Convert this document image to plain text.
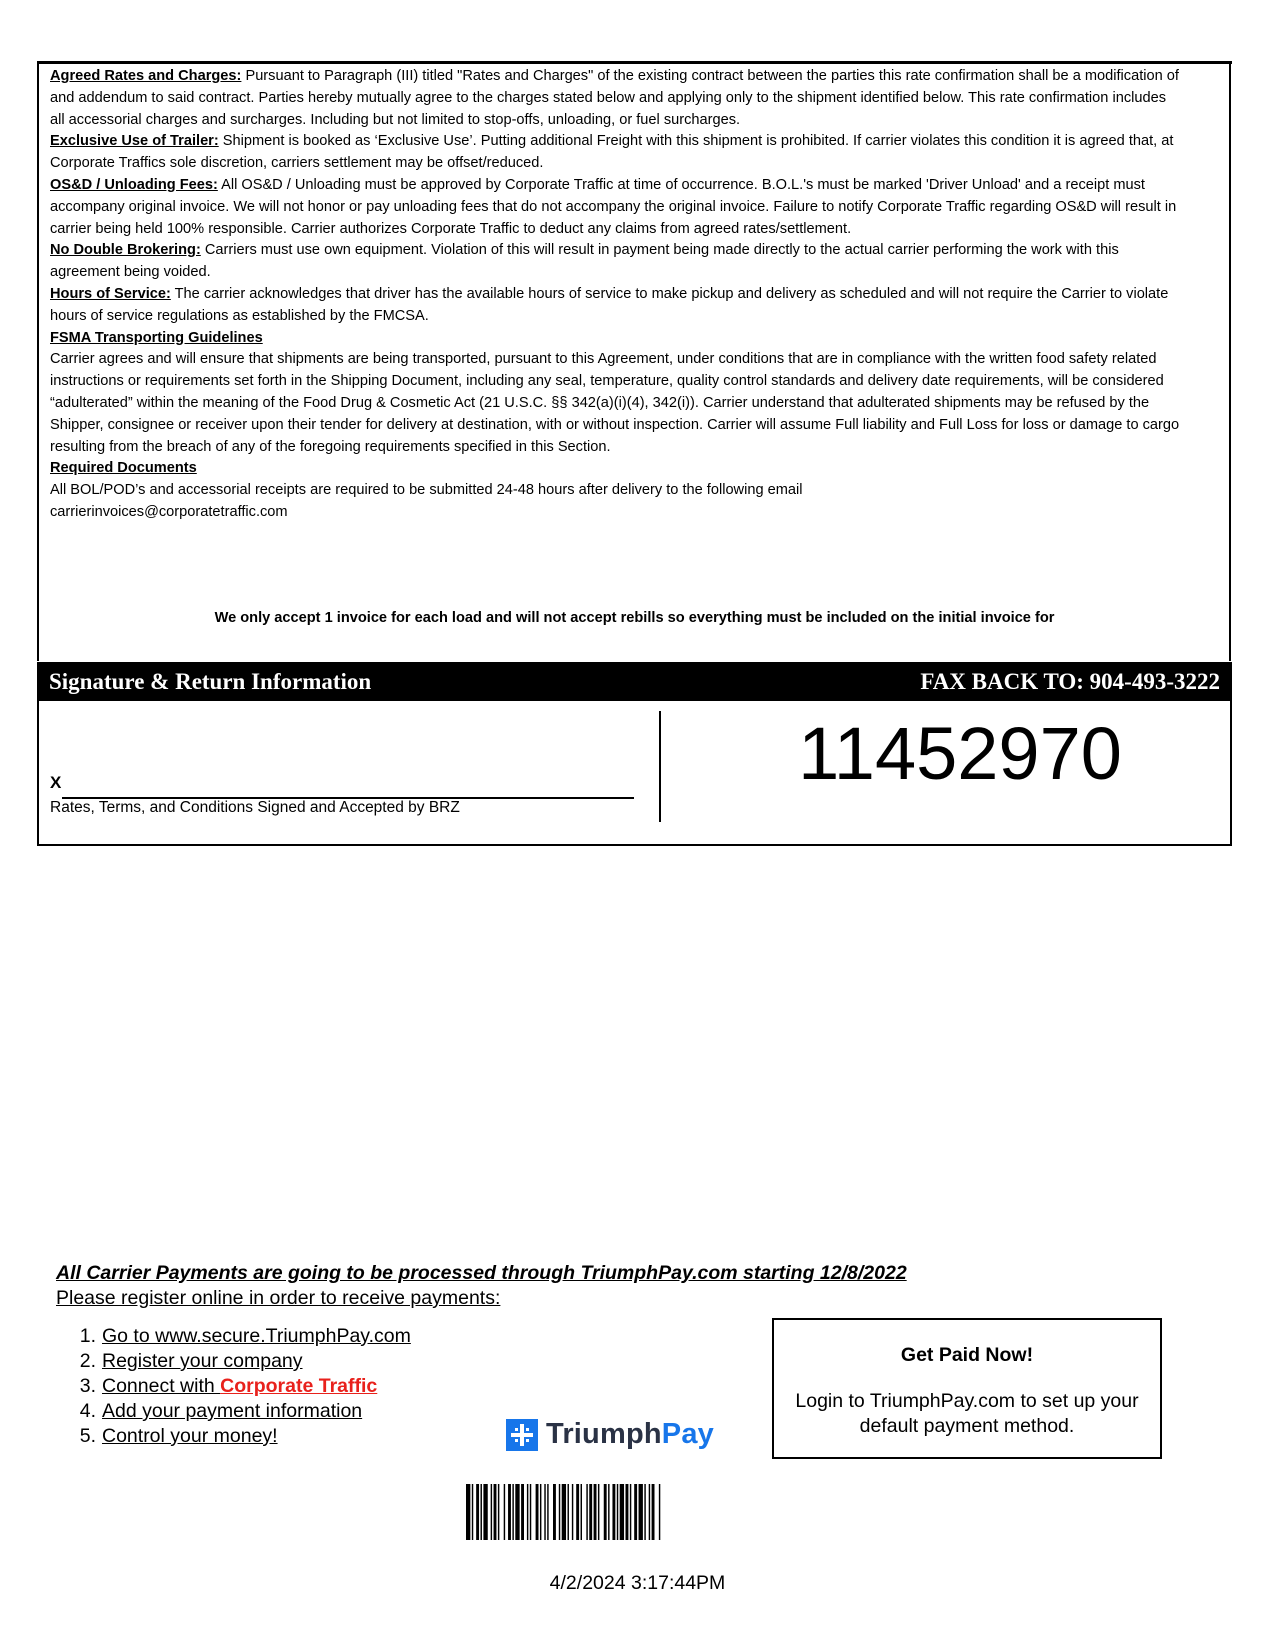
Agreed Rates and Charges: Pursuant to Paragraph (III) titled "Rates and Charges" of the existing contract between the parties this rate confirmation shall be a modification of and addendum to said contract. Parties hereby mutually agree to the charges stated below and applying only to the shipment identified below. This rate confirmation includes all accessorial charges and surcharges. Including but not limited to stop-offs, unloading, or fuel surcharges.

Exclusive Use of Trailer: Shipment is booked as ‘Exclusive Use’. Putting additional Freight with this shipment is prohibited. If carrier violates this condition it is agreed that, at Corporate Traffics sole discretion, carriers settlement may be offset/reduced.

OS&D / Unloading Fees: All OS&D / Unloading must be approved by Corporate Traffic at time of occurrence. B.O.L.'s must be marked 'Driver Unload' and a receipt must accompany original invoice. We will not honor or pay unloading fees that do not accompany the original invoice. Failure to notify Corporate Traffic regarding OS&D will result in carrier being held 100% responsible. Carrier authorizes Corporate Traffic to deduct any claims from agreed rates/settlement.

No Double Brokering: Carriers must use own equipment. Violation of this will result in payment being made directly to the actual carrier performing the work with this agreement being voided.

Hours of Service: The carrier acknowledges that driver has the available hours of service to make pickup and delivery as scheduled and will not require the Carrier to violate hours of service regulations as established by the FMCSA.

FSMA Transporting Guidelines

Carrier agrees and will ensure that shipments are being transported, pursuant to this Agreement, under conditions that are in compliance with the written food safety related instructions or requirements set forth in the Shipping Document, including any seal, temperature, quality control standards and delivery date requirements, will be considered “adulterated” within the meaning of the Food Drug & Cosmetic Act (21 U.S.C. §§ 342(a)(i)(4), 342(i)). Carrier understand that adulterated shipments may be refused by the Shipper, consignee or receiver upon their tender for delivery at destination, with or without inspection. Carrier will assume Full liability and Full Loss for loss or damage to cargo resulting from the breach of any of the foregoing requirements specified in this Section.

Required Documents

All BOL/POD’s and accessorial receipts are required to be submitted 24-48 hours after delivery to the following email

carrierinvoices@corporatetraffic.com

We only accept 1 invoice for each load and will not accept rebills so everything must be included on the initial invoice for
Signature & Return Information	FAX BACK TO: 904-493-3222
X
Rates, Terms, and Conditions Signed and Accepted by BRZ
11452970
All Carrier Payments are going to be processed through TriumphPay.com starting 12/8/2022
Please register online in order to receive payments:
1. Go to www.secure.TriumphPay.com
2. Register your company
3. Connect with Corporate Traffic
4. Add your payment information
5. Control your money!	TriumphPay
Get Paid Now!
Login to TriumphPay.com to set up your default payment method.
4/2/2024 3:17:44PM
